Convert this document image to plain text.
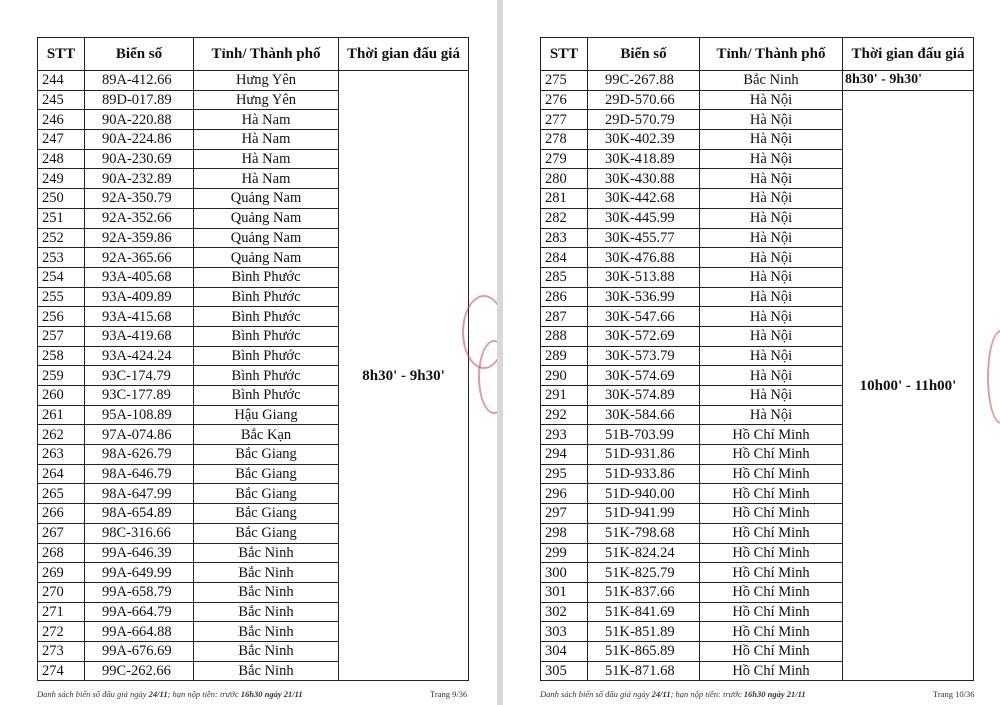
STT	Biển số	Tỉnh/ Thành phố	Thời gian đấu giá
244	89A-412.66	Hưng Yên	8h30' - 9h30'
245	89D-017.89	Hưng Yên	
246	90A-220.88	Hà Nam	
247	90A-224.86	Hà Nam	
248	90A-230.69	Hà Nam	
249	90A-232.89	Hà Nam	
250	92A-350.79	Quảng Nam	
251	92A-352.66	Quảng Nam	
252	92A-359.86	Quảng Nam	
253	92A-365.66	Quảng Nam	
254	93A-405.68	Bình Phước	
255	93A-409.89	Bình Phước	
256	93A-415.68	Bình Phước	
257	93A-419.68	Bình Phước	
258	93A-424.24	Bình Phước	
259	93C-174.79	Bình Phước	
260	93C-177.89	Bình Phước	
261	95A-108.89	Hậu Giang	
262	97A-074.86	Bắc Kạn	
263	98A-626.79	Bắc Giang	
264	98A-646.79	Bắc Giang	
265	98A-647.99	Bắc Giang	
266	98A-654.89	Bắc Giang	
267	98C-316.66	Bắc Giang	
268	99A-646.39	Bắc Ninh	
269	99A-649.99	Bắc Ninh	
270	99A-658.79	Bắc Ninh	
271	99A-664.79	Bắc Ninh	
272	99A-664.88	Bắc Ninh	
273	99A-676.69	Bắc Ninh	
274	99C-262.66	Bắc Ninh	
Danh sách biển số đấu giá ngày 24/11; hạn nộp tiền: trước 16h30 ngày 21/11	Trang 9/36
STT	Biển số	Tỉnh/ Thành phố	Thời gian đấu giá
275	99C-267.88	Bắc Ninh	8h30' - 9h30'
276	29D-570.66	Hà Nội	10h00' - 11h00'
277	29D-570.79	Hà Nội	
278	30K-402.39	Hà Nội	
279	30K-418.89	Hà Nội	
280	30K-430.88	Hà Nội	
281	30K-442.68	Hà Nội	
282	30K-445.99	Hà Nội	
283	30K-455.77	Hà Nội	
284	30K-476.88	Hà Nội	
285	30K-513.88	Hà Nội	
286	30K-536.99	Hà Nội	
287	30K-547.66	Hà Nội	
288	30K-572.69	Hà Nội	
289	30K-573.79	Hà Nội	
290	30K-574.69	Hà Nội	
291	30K-574.89	Hà Nội	
292	30K-584.66	Hà Nội	
293	51B-703.99	Hồ Chí Minh	
294	51D-931.86	Hồ Chí Minh	
295	51D-933.86	Hồ Chí Minh	
296	51D-940.00	Hồ Chí Minh	
297	51D-941.99	Hồ Chí Minh	
298	51K-798.68	Hồ Chí Minh	
299	51K-824.24	Hồ Chí Minh	
300	51K-825.79	Hồ Chí Minh	
301	51K-837.66	Hồ Chí Minh	
302	51K-841.69	Hồ Chí Minh	
303	51K-851.89	Hồ Chí Minh	
304	51K-865.89	Hồ Chí Minh	
305	51K-871.68	Hồ Chí Minh	
Danh sách biển số đấu giá ngày 24/11; hạn nộp tiền: trước 16h30 ngày 21/11	Trang 10/36
